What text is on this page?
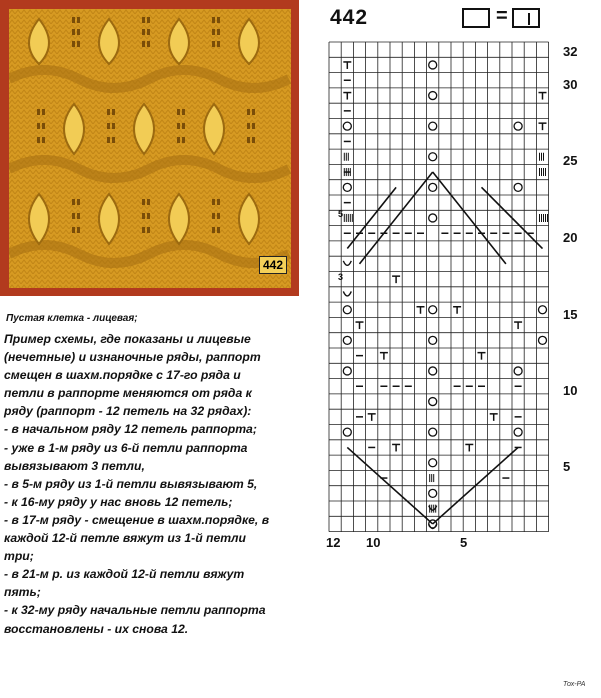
442
Пустая клетка - лицевая;
Пример схемы, где показаны и лицевые
(нечетные) и изнаночные ряды, раппорт
смещен в шахм.порядке с 17-го ряда и
петли в раппорте меняются от ряда к
ряду (раппорт - 12 петель на 32 рядах):
- в начальном ряду 12 петель раппорта;
- уже в 1-м ряду из 6-й петли раппорта
вывязывают 3 петли,
- в 5-м ряду из 1-й петли вывязывают 5,
- к 16-му ряду у нас вновь 12 петель;
- в 17-м ряду - смещение в шахм.порядке, в
каждой 12-й петле вяжут из 1-й петли
три;
- в 21-м р. из каждой 12-й петли вяжут
пять;
- к 32-му ряду начальные петли раппорта
восстановлены - их снова 12.
Тох-РА
442	=
32
30
25
20
15
10
5
12 10	5
5
3
